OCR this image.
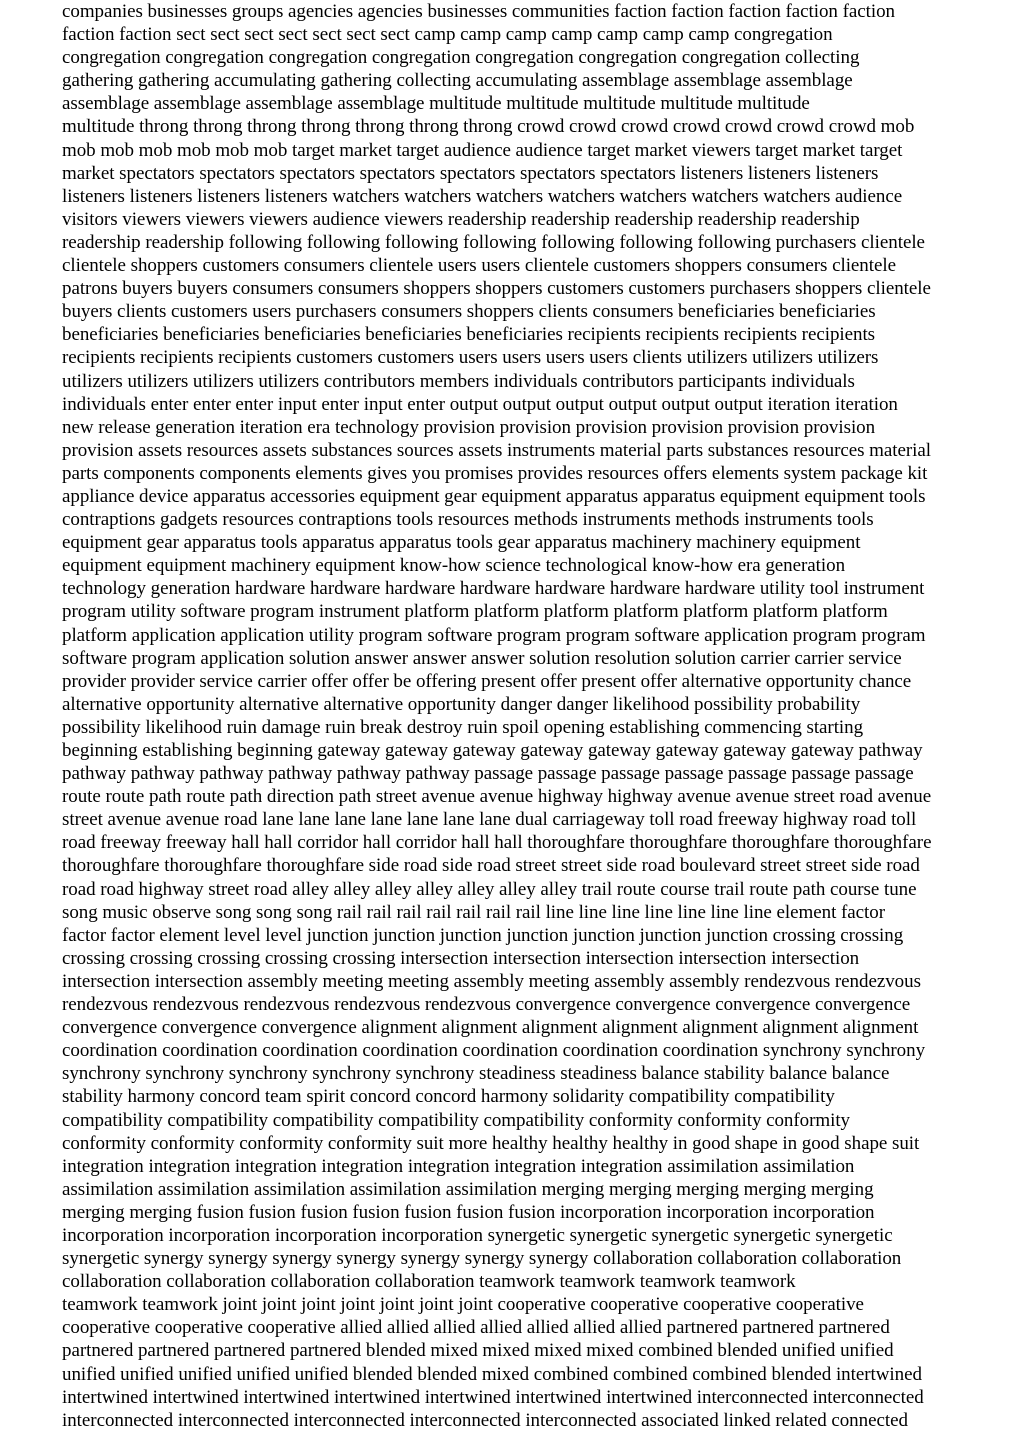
companies businesses groups agencies agencies businesses communities faction faction faction faction faction
faction faction sect sect sect sect sect sect sect camp camp camp camp camp camp camp congregation
congregation congregation congregation congregation congregation congregation congregation collecting
gathering gathering accumulating gathering collecting accumulating assemblage assemblage assemblage
assemblage assemblage assemblage assemblage multitude multitude multitude multitude multitude
multitude throng throng throng throng throng throng throng crowd crowd crowd crowd crowd crowd crowd mob
mob mob mob mob mob mob target market target audience audience target market viewers target market target
market spectators spectators spectators spectators spectators spectators spectators listeners listeners listeners
listeners listeners listeners listeners watchers watchers watchers watchers watchers watchers watchers audience
visitors viewers viewers viewers audience viewers readership readership readership readership readership
readership readership following following following following following following following purchasers clientele
clientele shoppers customers consumers clientele users users clientele customers shoppers consumers clientele
patrons buyers buyers consumers consumers shoppers shoppers customers customers purchasers shoppers clientele
buyers clients customers users purchasers consumers shoppers clients consumers beneficiaries beneficiaries
beneficiaries beneficiaries beneficiaries beneficiaries beneficiaries recipients recipients recipients recipients
recipients recipients recipients customers customers users users users users clients utilizers utilizers utilizers
utilizers utilizers utilizers utilizers contributors members individuals contributors participants individuals
individuals enter enter enter input enter input enter output output output output output output iteration iteration
new release generation iteration era technology provision provision provision provision provision provision
provision assets resources assets substances sources assets instruments material parts substances resources material
parts components components elements gives you promises provides resources offers elements system package kit
appliance device apparatus accessories equipment gear equipment apparatus apparatus equipment equipment tools
contraptions gadgets resources contraptions tools resources methods instruments methods instruments tools
equipment gear apparatus tools apparatus apparatus tools gear apparatus machinery machinery equipment
equipment equipment machinery equipment know-how science technological know-how era generation
technology generation hardware hardware hardware hardware hardware hardware hardware utility tool instrument
program utility software program instrument platform platform platform platform platform platform platform
platform application application utility program software program program software application program program
software program application solution answer answer answer solution resolution solution carrier carrier service
provider provider service carrier offer offer be offering present offer present offer alternative opportunity chance
alternative opportunity alternative alternative opportunity danger danger likelihood possibility probability
possibility likelihood ruin damage ruin break destroy ruin spoil opening establishing commencing starting
beginning establishing beginning gateway gateway gateway gateway gateway gateway gateway gateway pathway
pathway pathway pathway pathway pathway pathway passage passage passage passage passage passage passage
route route path route path direction path street avenue avenue highway highway avenue avenue street road avenue
street avenue avenue road lane lane lane lane lane lane lane dual carriageway toll road freeway highway road toll
road freeway freeway hall hall corridor hall corridor hall hall thoroughfare thoroughfare thoroughfare thoroughfare
thoroughfare thoroughfare thoroughfare side road side road street street side road boulevard street street side road
road road highway street road alley alley alley alley alley alley alley trail route course trail route path course tune
song music observe song song song rail rail rail rail rail rail rail line line line line line line line element factor
factor factor element level level junction junction junction junction junction junction junction crossing crossing
crossing crossing crossing crossing crossing intersection intersection intersection intersection intersection
intersection intersection assembly meeting meeting assembly meeting assembly assembly rendezvous rendezvous
rendezvous rendezvous rendezvous rendezvous rendezvous convergence convergence convergence convergence
convergence convergence convergence alignment alignment alignment alignment alignment alignment alignment
coordination coordination coordination coordination coordination coordination coordination synchrony synchrony
synchrony synchrony synchrony synchrony synchrony steadiness steadiness balance stability balance balance
stability harmony concord team spirit concord concord harmony solidarity compatibility compatibility
compatibility compatibility compatibility compatibility compatibility conformity conformity conformity
conformity conformity conformity conformity suit more healthy healthy healthy in good shape in good shape suit
integration integration integration integration integration integration integration assimilation assimilation
assimilation assimilation assimilation assimilation assimilation merging merging merging merging merging
merging merging fusion fusion fusion fusion fusion fusion fusion incorporation incorporation incorporation
incorporation incorporation incorporation incorporation synergetic synergetic synergetic synergetic synergetic
synergetic synergy synergy synergy synergy synergy synergy synergy collaboration collaboration collaboration
collaboration collaboration collaboration collaboration teamwork teamwork teamwork teamwork
teamwork teamwork joint joint joint joint joint joint joint cooperative cooperative cooperative cooperative
cooperative cooperative cooperative allied allied allied allied allied allied allied partnered partnered partnered
partnered partnered partnered partnered blended mixed mixed mixed mixed combined blended unified unified
unified unified unified unified unified blended blended mixed combined combined combined blended intertwined
intertwined intertwined intertwined intertwined intertwined intertwined intertwined interconnected interconnected
interconnected interconnected interconnected interconnected interconnected associated linked related connected
